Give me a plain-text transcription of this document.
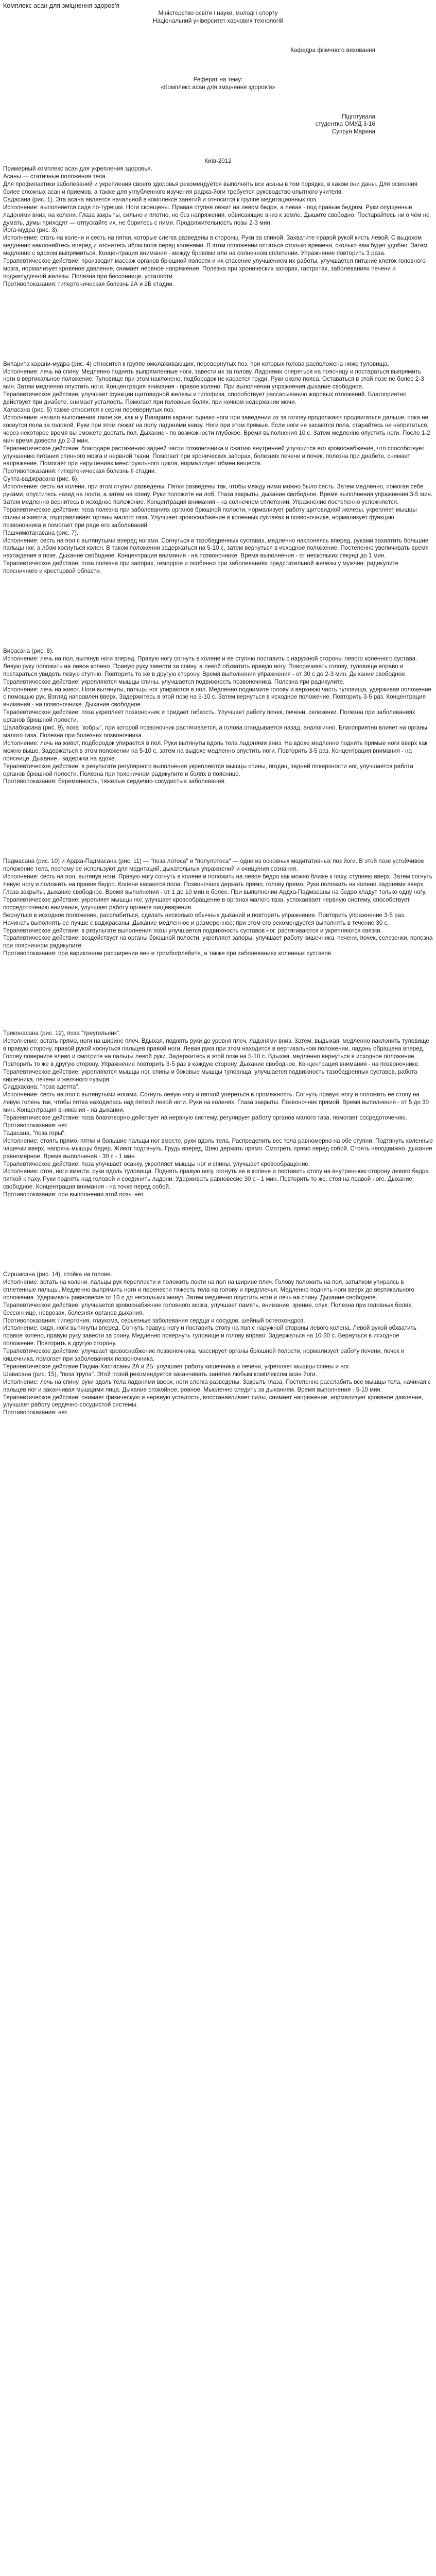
Комплекс асан для зміцнення здоров'я
Міністерство освіти і науки, молоді і спорту
Національний університет харчових технологій
Кафедра фізичного виховання
Реферат на тему:
«Комплекс асан для зміцнення здоров'я»
Підготувала
студентка ОМУД 3-16
Супрун Марина
Київ-2012

Примерный комплекс асан для укрепления здоровья.

Асаны — статичные положения тела.

Для профилактики заболеваний и укрепления своего здоровья рекомендуется выполнять все асаны в том порядке, в каком они даны. Для освоения более сложных асан и приемов, а также для углубленного изучения раджа-йоги требуется руководство опытного учителя.

Садасана (рис. 1). Эта асана является начальной в комплексе занятий и относится к группе медитационных поз.

Исполнение: выполняется сидя по-турецки. Ноги скрещены. Правая ступня лежит на левом бедре, а левая - под правым бедром. Руки опущенные, ладонями вниз, на колени. Глаза закрыты, сильно и плотно, но без напряжения, обвисающие вниз к земле. Дышите свободно. Постарайтесь ни о чём не думать, думы приходят — отпускайте их, не боритесь с ними. Продолжительность позы 2-3 мин.

Йога-мудра (рис. 3).

Исполнение: стать на колени и сесть на пятки, которые слегка разведены в стороны. Руки за спиной. Захватите правой рукой кисть левой. С выдохом медленно наклоняйтесь вперед и коснитесь лбом пола перед коленями. В этом положении остаться столько времени, сколько вам будет удобно. Затем медленно с вдохом выпрямиться. Концентрация внимания - между бровями или на солнечном сплетении. Упражнение повторить 3 раза.

Терапевтическое действие: производит массаж органов брюшной полости и их спасение улучшением их работы, улучшается питание клеток головного мозга, нормализует кровяное давление, снимает нервное напряжение. Полезна при хронических запорах, гастритах, заболеваниях печени и поджелудочной железы. Полезна при бессоннице, усталости.

Противопоказания: гипертоническая болезнь 2А и 2Б стадии.

Випарита карани-мудра (рис. 4) относится к группе омолаживающих, перевернутых поз, при которых голова расположена ниже туловища.

Исполнение: лечь на спину. Медленно поднять выпрямленные ноги, завести их за голову. Ладонями опереться на поясницу и постараться выпрямить ноги в вертикальное положение. Туловище при этом наклонено, подбородок не касается груди. Руки около пояса. Оставаться в этой позе не более 2-3 мин. Затем медленно опустить ноги. Концентрация внимания - правое колено. При выполнении упражнения дыхание свободное.

Терапевтическое действие: улучшает функции щитовидной железы и гипофиза, способствует рассасыванию жировых отложений. Благоприятно действует при диабете, снимает усталость. Помогает при головных болях, при ночном недержании мочи.

Халасана (рис. 5) также относится к серии перевернутых поз.

Исполнение: начало выполнения такое же, как и у Випарита карани: однако ноги при заведении их за голову продолжают продвигаться дальше, пока не коснутся пола за головой. Руки при этом лежат на полу ладонями книзу. Ноги при этом прямые. Если ноги не касаются пола, старайтесь не напрягаться, через некоторое время вы сможете достать пол. Дыхание - по возможности глубокое. Время выполнения 10 с. Затем медленно опустить ноги. После 1-2 мин время довести до 2-3 мин.

Терапевтическое действие: благодаря растяжению задней части позвоночника и сжатию внутренней улучшится его кровоснабжение, что способствует улучшению питания спинного мозга и нервной ткани. Помогает при хронических запорах, болезнях печени и почек, полезна при диабете, снимает напряжение. Помогает при нарушениях менструального цикла, нормализует обмен веществ.

Противопоказания: гипертоническая болезнь II стадии.

Супта-ваджрасана (рис. 6).

Исполнение: сесть на колени, при этом ступни разведены. Пятки разведены так, чтобы между ними можно было сесть. Затем медленно, помогая себе руками, опуститесь назад на локти, а затем на спину. Руки положите на лоб. Глаза закрыты, дыхание свободное. Время выполнения упражнения 3-5 мин. Затем медленно вернитесь в исходное положение. Концентрация внимания - на солнечном сплетении. Упражнение постепенно усложняется.

Терапевтическое действие: поза полезна при заболеваниях органов брюшной полости, нормализует работу щитовидной железы, укрепляет мышцы спины и живота, оздоравливает органы малого таза. Улучшает кровоснабжение в коленных суставах и позвоночнике, нормализует функцию позвоночника и помогает при ряде его заболеваний.

Пашчимотанасана (рис. 7).

Исполнение: сесть на пол с вытянутыми вперед ногами. Согнуться в тазобедренных суставах, медленно наклоняясь вперед, руками захватить большие пальцы ног, а лбом коснуться колен. В таком положении задержаться на 5-10 с, затем вернуться в исходное положение. Постепенно увеличивать время нахождения в позе. Дыхание свободное. Концентрация внимания - на позвоночнике. Время выполнения - от нескольких секунд до 1 мин.

Терапевтическое действие: поза полезна при запорах, геморрое и особенно при заболеваниях предстательной железы у мужчин; радикулите поясничного и крестцовой области.

Вирасана (рис. 8).

Исполнение: лечь на пол, вытянув ноги вперед. Правую ногу согнуть в колене и ее ступню поставить с наружной стороны левого коленного сустава. Левую руку положить на левое колено. Правую руку завести за спину, а левой обхватить правую ногу. Поворачивать голову, туловище вправо и постараться увидеть левую ступню. Повторить то же в другую сторону. Время выполнения упражнения - от 30 с до 2-3 мин. Дыхание свободное.

Терапевтическое действие: укрепляются мышцы спины, улучшается подвижность позвоночника. Полезна при радикулите.

Исполнение: лечь на живот. Ноги вытянуты, пальцы ног упираются в пол. Медленно поднимите голову и верхнюю часть туловища, удерживая положение с помощью рук. Взгляд направлен вверх. Задержитесь в этой позе на 5-10 с. Затем вернуться в исходное положение. Повторить 3-5 раз. Концентрация внимания - на позвоночнике. Дыхание свободное.

Терапевтическое действие: поза укрепляет позвоночник и придает гибкость. Улучшает работу почек, печени, селезенки. Полезна при заболеваниях органов брюшной полости.

Шалабхасана (рис. 9), поза "кобры", при которой позвоночник растягивается, а голова откидывается назад, аналогично. Благоприятно влияет на органы малого таза. Полезна при болезнях позвоночника.

Исполнение: лечь на живот, подбородок упирается в пол. Руки вытянуты вдоль тела ладонями вниз. На вдохе медленно поднять прямые ноги вверх как можно выше. Задержаться в этом положении на 5-10 с, затем на выдохе медленно опустить ноги. Повторить 3-5 раз. Концентрация внимания - на пояснице. Дыхание - задержка на вдохе.

Терапевтическое действие: в результате регулярного выполнения укрепляются мышцы спины, ягодиц, задней поверхности ног, улучшается работа органов брюшной полости. Полезна при поясничном радикулите и болях в пояснице.

Противопоказания: беременность, тяжелые сердечно-сосудистые заболевания.

Падмасана (рис. 10) и Ардха-Падмасана (рис. 11) — "поза лотоса" и "полулотоса" — одни из основных медитативных поз йоги. В этой позе устойчивое положение тела, поэтому ее используют для медитаций, дыхательных упражнений и очищения сознания.

Исполнение: сесть на пол, вытянув ноги. Правую ногу согнуть в колене и положить на левое бедро как можно ближе к паху, ступнею вверх. Затем согнуть левую ногу и положить на правое бедро. Колени касаются пола. Позвоночник держать прямо, голову прямо. Руки положить на колени ладонями вверх. Глаза закрыты, дыхание свободное. Время выполнения - от 1 до 10 мин и более. При выполнении Ардха-Падмасаны на бедро кладут только одну ногу.

Терапевтическое действие: укрепляет мышцы ног, улучшает кровообращение в органах малого таза, успокаивает нервную систему, способствует сосредоточению внимания, улучшает работу органов пищеварения.

Вернуться в исходное положение, расслабиться, сделать несколько обычных дыханий и повторить упражнение. Повторить упражнение 3-5 раз.

Начинать выполнять ее лучше с ваджрасаны. Дыхание медленное и размеренное; при этом его рекомендуется выполнять в течение 30 с.

Терапевтическое действие: в результате выполнения позы улучшается подвижность суставов ног, растягиваются и укрепляются связки.

Терапевтическое действие: воздействует на органы брюшной полости, укрепляет запоры, улучшает работу кишечника, печени, почек, селезенки, полезна при поясничном радикулите.

Противопоказания: при варикозном расширении вен и тромбофлебите, а также при заболеваниях коленных суставов.

Триконасана (рис. 12), поза "треугольник".

Исполнение: встать прямо, ноги на ширине плеч. Вдыхая, поднять руки до уровня плеч, ладонями вниз. Затем, выдыхая, медленно наклонить туловище в правую сторону, правой рукой коснуться пальцев правой ноги. Левая рука при этом находится в вертикальном положении, ладонь обращена вперед. Голову поверните влево и смотрите на пальцы левой руки. Задержитесь в этой позе на 5-10 с. Вдыхая, медленно вернуться в исходное положение. Повторить то же в другую сторону. Упражнение повторить 3-5 раз в каждую сторону. Дыхание свободное. Концентрация внимания - на позвоночнике.

Терапевтическое действие: укрепляются мышцы ног, спины и боковые мышцы туловища, улучшается подвижность тазобедренных суставов, работа кишечника, печени и желчного пузыря.

Сиддхасана, "поза адепта".

Исполнение: сесть на пол с вытянутыми ногами. Согнуть левую ногу и пяткой упереться в промежность. Согнуть правую ногу и положить ее стопу на левую голень так, чтобы пятка находилась над пяткой левой ноги. Руки на коленях. Глаза закрыты. Позвоночник прямой. Время выполнения - от 5 до 30 мин. Концентрация внимания - на дыхании.

Терапевтическое действие: поза благотворно действует на нервную систему, регулирует работу органов малого таза, помогает сосредоточению.

Противопоказания: нет.

Тадасана, "поза горы".

Исполнение: стоять прямо, пятки и большие пальцы ног вместе, руки вдоль тела. Распределить вес тела равномерно на обе ступни. Подтянуть коленные чашечки вверх, напрячь мышцы бедер. Живот подтянуть. Грудь вперед. Шею держать прямо. Смотреть прямо перед собой. Стоять неподвижно, дыхание равномерное. Время выполнения - 30 с - 1 мин.

Терапевтическое действие: поза улучшает осанку, укрепляет мышцы ног и спины, улучшает кровообращение.

Исполнение: стоя, ноги вместе, руки вдоль туловища. Поднять правую ногу, согнуть ее в колене и поставить стопу на внутреннюю сторону левого бедра пяткой к паху. Руки поднять над головой и соединить ладони. Удерживать равновесие 30 с - 1 мин. Повторить то же, стоя на правой ноге. Дыхание свободное. Концентрация внимания - на точке перед собой.

Противопоказания: при выполнении этой позы нет.

Сиршасана (рис. 14), стойка на голове.

Исполнение: встать на колени, пальцы рук переплести и положить локти на пол на ширине плеч. Голову положить на пол, затылком упираясь в сплетенные пальцы. Медленно выпрямить ноги и перенести тяжесть тела на голову и предплечья. Медленно поднять ноги вверх до вертикального положения. Удерживать равновесие от 10 с до нескольких минут. Затем медленно опустить ноги и лечь на спину. Дыхание свободное.

Терапевтическое действие: улучшается кровоснабжение головного мозга, улучшает память, внимание, зрение, слух. Полезна при головных болях, бессоннице, неврозах, болезнях органов дыхания.

Противопоказания: гипертония, глаукома, серьезные заболевания сердца и сосудов, шейный остеохондроз.

Исполнение: сидя, ноги вытянуты вперед. Согнуть правую ногу и поставить стопу на пол с наружной стороны левого колена. Левой рукой обхватить правое колено, правую руку завести за спину. Медленно повернуть туловище и голову вправо. Задержаться на 10-30 с. Вернуться в исходное положение. Повторить в другую сторону.

Терапевтическое действие: улучшает кровоснабжение позвоночника, массирует органы брюшной полости, нормализует работу печени, почек и кишечника, помогает при заболеваниях позвоночника.

Терапевтическое действие Падма-Хастасаны 2А и 2Б: улучшает работу кишечника и печени, укрепляет мышцы спины и ног.

Шавасана (рис. 15), "поза трупа". Этой позой рекомендуется заканчивать занятия любым комплексом асан йоги.

Исполнение: лечь на спину, руки вдоль тела ладонями вверх, ноги слегка разведены. Закрыть глаза. Постепенно расслабить все мышцы тела, начиная с пальцев ног и заканчивая мышцами лица. Дыхание спокойное, ровное. Мысленно следить за дыханием. Время выполнения - 5-10 мин.

Терапевтическое действие: снимает физическую и нервную усталость, восстанавливает силы, снимает напряжение, нормализует кровяное давление, улучшает работу сердечно-сосудистой системы.

Противопоказания: нет.
